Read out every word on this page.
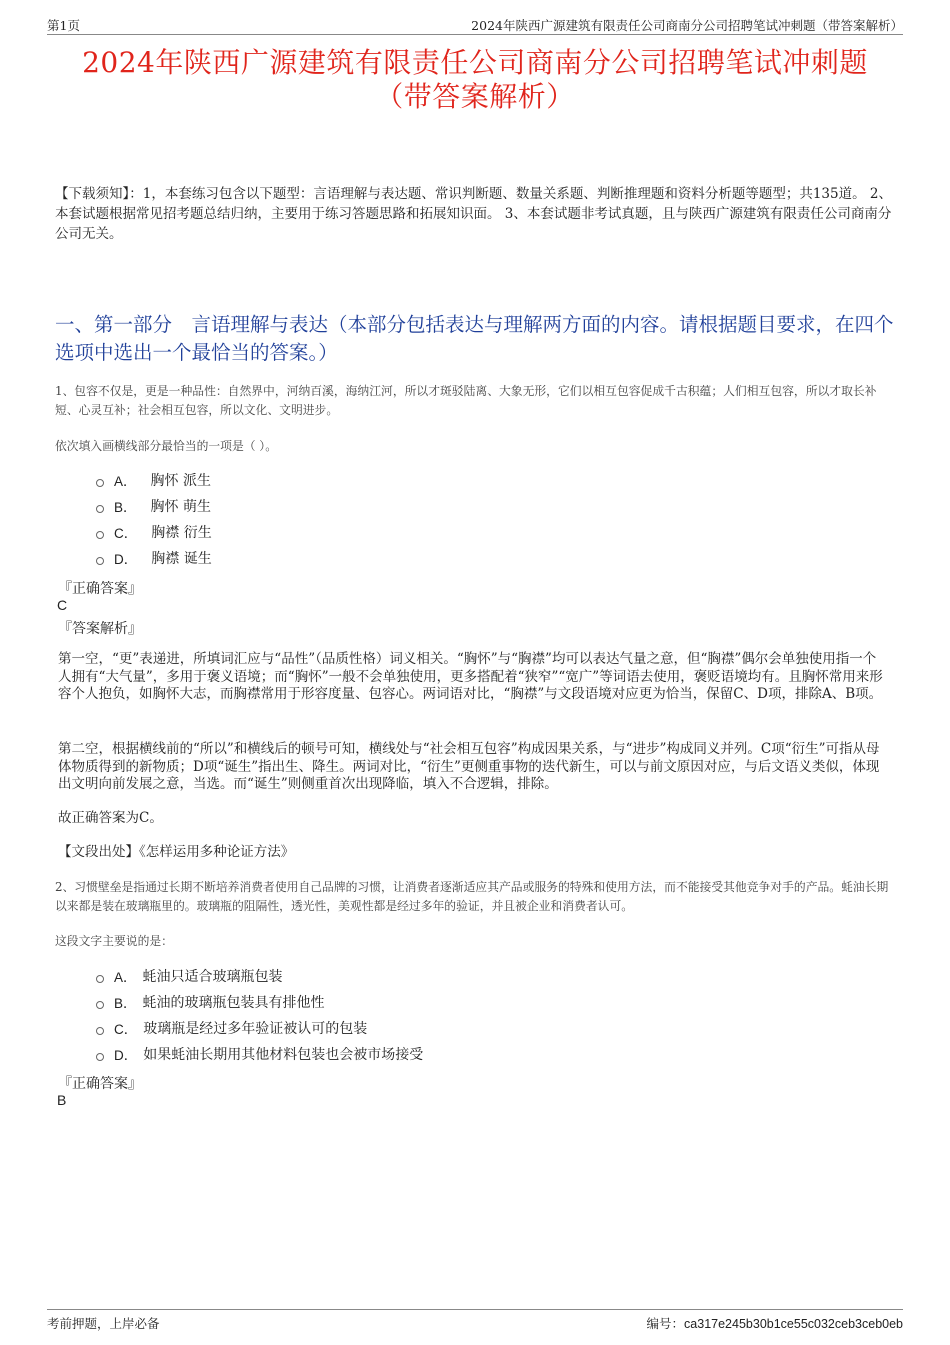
第1页	2024年陕西广源建筑有限责任公司商南分公司招聘笔试冲刺题（带答案解析）
2024年陕西广源建筑有限责任公司商南分公司招聘笔试冲刺题
（带答案解析）
【下载须知】：1，本套练习包含以下题型：言语理解与表达题、常识判断题、数量关系题、判断推理题和资料分析题等题型；共135道。 2、本套试题根据常见招考题总结归纳，主要用于练习答题思路和拓展知识面。 3、本套试题非考试真题，且与陕西广源建筑有限责任公司商南分公司无关。
一、第一部分　言语理解与表达（本部分包括表达与理解两方面的内容。请根据题目要求，在四个选项中选出一个最恰当的答案。）
1、包容不仅是，更是一种品性：自然界中，河纳百溪，海纳江河，所以才斑驳陆离、大象无形，它们以相互包容促成千古积蕴；人们相互包容，所以才取长补短、心灵互补；社会相互包容，所以文化、文明进步。
依次填入画横线部分最恰当的一项是（ ）。
A． 胸怀 派生
B． 胸怀 萌生
C． 胸襟 衍生
D． 胸襟 诞生
『正确答案』
C
『答案解析』
第一空，“更”表递进，所填词汇应与“品性”（品质性格）词义相关。“胸怀”与“胸襟”均可以表达气量之意，但“胸襟”偶尔会单独使用指一个人拥有“大气量”，多用于褒义语境；而“胸怀”一般不会单独使用，更多搭配着“狭窄”“宽广”等词语去使用，褒贬语境均有。且胸怀常用来形容个人抱负，如胸怀大志，而胸襟常用于形容度量、包容心。两词语对比，“胸襟”与文段语境对应更为恰当，保留C、D项，排除A、B项。
第二空，根据横线前的“所以”和横线后的顿号可知，横线处与“社会相互包容”构成因果关系，与“进步”构成同义并列。C项“衍生”可指从母体物质得到的新物质；D项“诞生”指出生、降生。两词对比，“衍生”更侧重事物的迭代新生，可以与前文原因对应，与后文语义类似，体现出文明向前发展之意，当选。而“诞生”则侧重首次出现降临，填入不合逻辑，排除。
故正确答案为C。
【文段出处】《怎样运用多种论证方法》
2、习惯壁垒是指通过长期不断培养消费者使用自己品牌的习惯，让消费者逐渐适应其产品或服务的特殊和使用方法，而不能接受其他竞争对手的产品。蚝油长期以来都是装在玻璃瓶里的。玻璃瓶的阻隔性，透光性，美观性都是经过多年的验证，并且被企业和消费者认可。
这段文字主要说的是：
A． 蚝油只适合玻璃瓶包装
B． 蚝油的玻璃瓶包装具有排他性
C． 玻璃瓶是经过多年验证被认可的包装
D． 如果蚝油长期用其他材料包装也会被市场接受
『正确答案』
B
考前押题，上岸必备	编号：ca317e245b30b1ce55c032ceb3ceb0eb
